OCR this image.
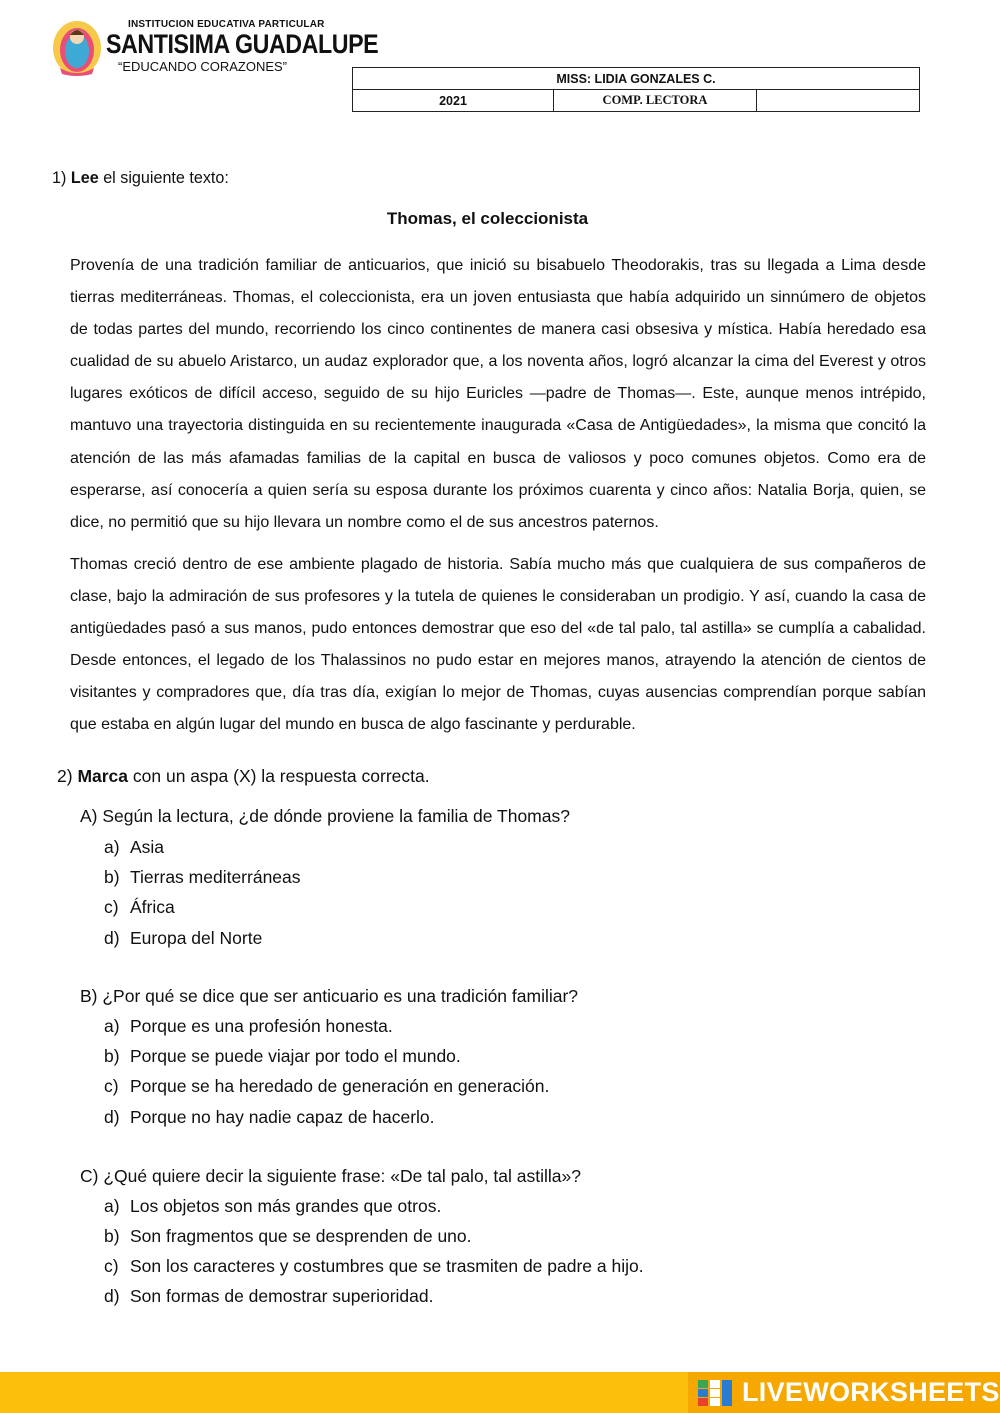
INSTITUCION EDUCATIVA PARTICULAR
SANTISIMA GUADALUPE
“EDUCANDO CORAZONES”
MISS: LIDIA GONZALES C.
2021	COMP. LECTORA	
1) Lee el siguiente texto:
Thomas, el coleccionista

Provenía de una tradición familiar de anticuarios, que inició su bisabuelo Theodorakis, tras su llegada a Lima desde tierras mediterráneas. Thomas, el coleccionista, era un joven entusiasta que había adquirido un sinnúmero de objetos de todas partes del mundo, recorriendo los cinco continentes de manera casi obsesiva y mística. Había heredado esa cualidad de su abuelo Aristarco, un audaz explorador que, a los noventa años, logró alcanzar la cima del Everest y otros lugares exóticos de difícil acceso, seguido de su hijo Euricles —padre de Thomas—. Este, aunque menos intrépido, mantuvo una trayectoria distinguida en su recientemente inaugurada «Casa de Antigüedades», la misma que concitó la atención de las más afamadas familias de la capital en busca de valiosos y poco comunes objetos. Como era de esperarse, así conocería a quien sería su esposa durante los próximos cuarenta y cinco años: Natalia Borja, quien, se dice, no permitió que su hijo llevara un nombre como el de sus ancestros paternos.

Thomas creció dentro de ese ambiente plagado de historia. Sabía mucho más que cualquiera de sus compañeros de clase, bajo la admiración de sus profesores y la tutela de quienes le consideraban un prodigio. Y así, cuando la casa de antigüedades pasó a sus manos, pudo entonces demostrar que eso del «de tal palo, tal astilla» se cumplía a cabalidad. Desde entonces, el legado de los Thalassinos no pudo estar en mejores manos, atrayendo la atención de cientos de visitantes y compradores que, día tras día, exigían lo mejor de Thomas, cuyas ausencias comprendían porque sabían que estaba en algún lugar del mundo en busca de algo fascinante y perdurable.

2) Marca con un aspa (X) la respuesta correcta.
A) Según la lectura, ¿de dónde proviene la familia de Thomas?
a) Asia
b) Tierras mediterráneas
c) África
d) Europa del Norte
B) ¿Por qué se dice que ser anticuario es una tradición familiar?
a) Porque es una profesión honesta.
b) Porque se puede viajar por todo el mundo.
c) Porque se ha heredado de generación en generación.
d) Porque no hay nadie capaz de hacerlo.
C) ¿Qué quiere decir la siguiente frase: «De tal palo, tal astilla»?
a) Los objetos son más grandes que otros.
b) Son fragmentos que se desprenden de uno.
c) Son los caracteres y costumbres que se trasmiten de padre a hijo.
d) Son formas de demostrar superioridad.
LIVEWORKSHEETS
